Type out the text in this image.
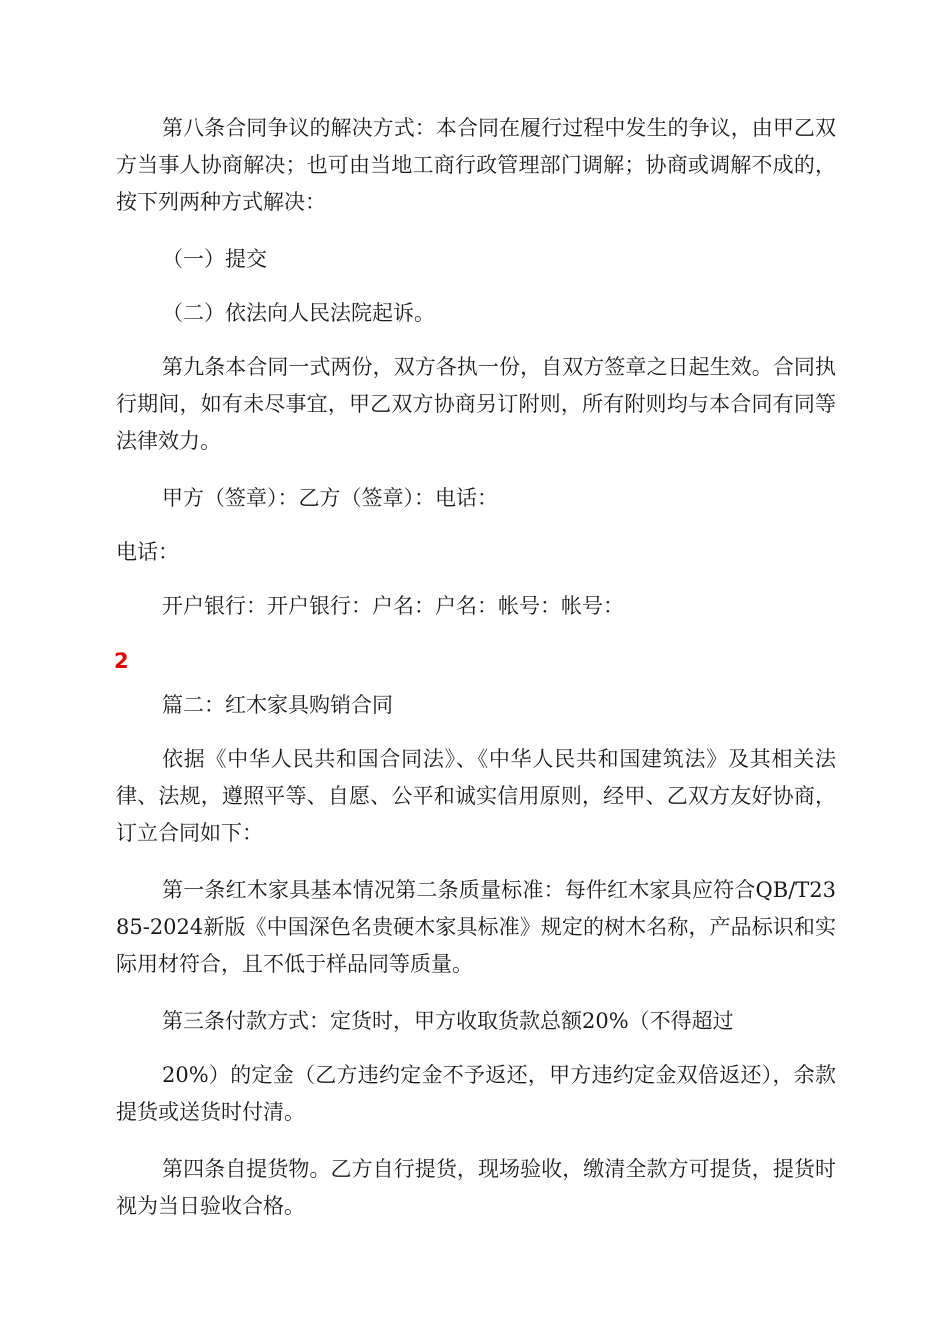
第八条合同争议的解决方式：本合同在履行过程中发生的争议，由甲乙双方当事人协商解决；也可由当地工商行政管理部门调解；协商或调解不成的，按下列两种方式解决：

（一）提交

（二）依法向人民法院起诉。

第九条本合同一式两份，双方各执一份，自双方签章之日起生效。合同执行期间，如有未尽事宜，甲乙双方协商另订附则，所有附则均与本合同有同等法律效力。

甲方（签章）：乙方（签章）：电话：

电话：

开户银行：开户银行：户名：户名：帐号：帐号：

2

篇二：红木家具购销合同

依据《中华人民共和国合同法》、《中华人民共和国建筑法》及其相关法律、法规，遵照平等、自愿、公平和诚实信用原则，经甲、乙双方友好协商，订立合同如下：

第一条红木家具基本情况第二条质量标准：每件红木家具应符合QB/T2385-2024新版《中国深色名贵硬木家具标准》规定的树木名称，产品标识和实际用材符合，且不低于样品同等质量。

第三条付款方式：定货时，甲方收取货款总额20%（不得超过

20%）的定金（乙方违约定金不予返还，甲方违约定金双倍返还），余款提货或送货时付清。

第四条自提货物。乙方自行提货，现场验收，缴清全款方可提货，提货时视为当日验收合格。
